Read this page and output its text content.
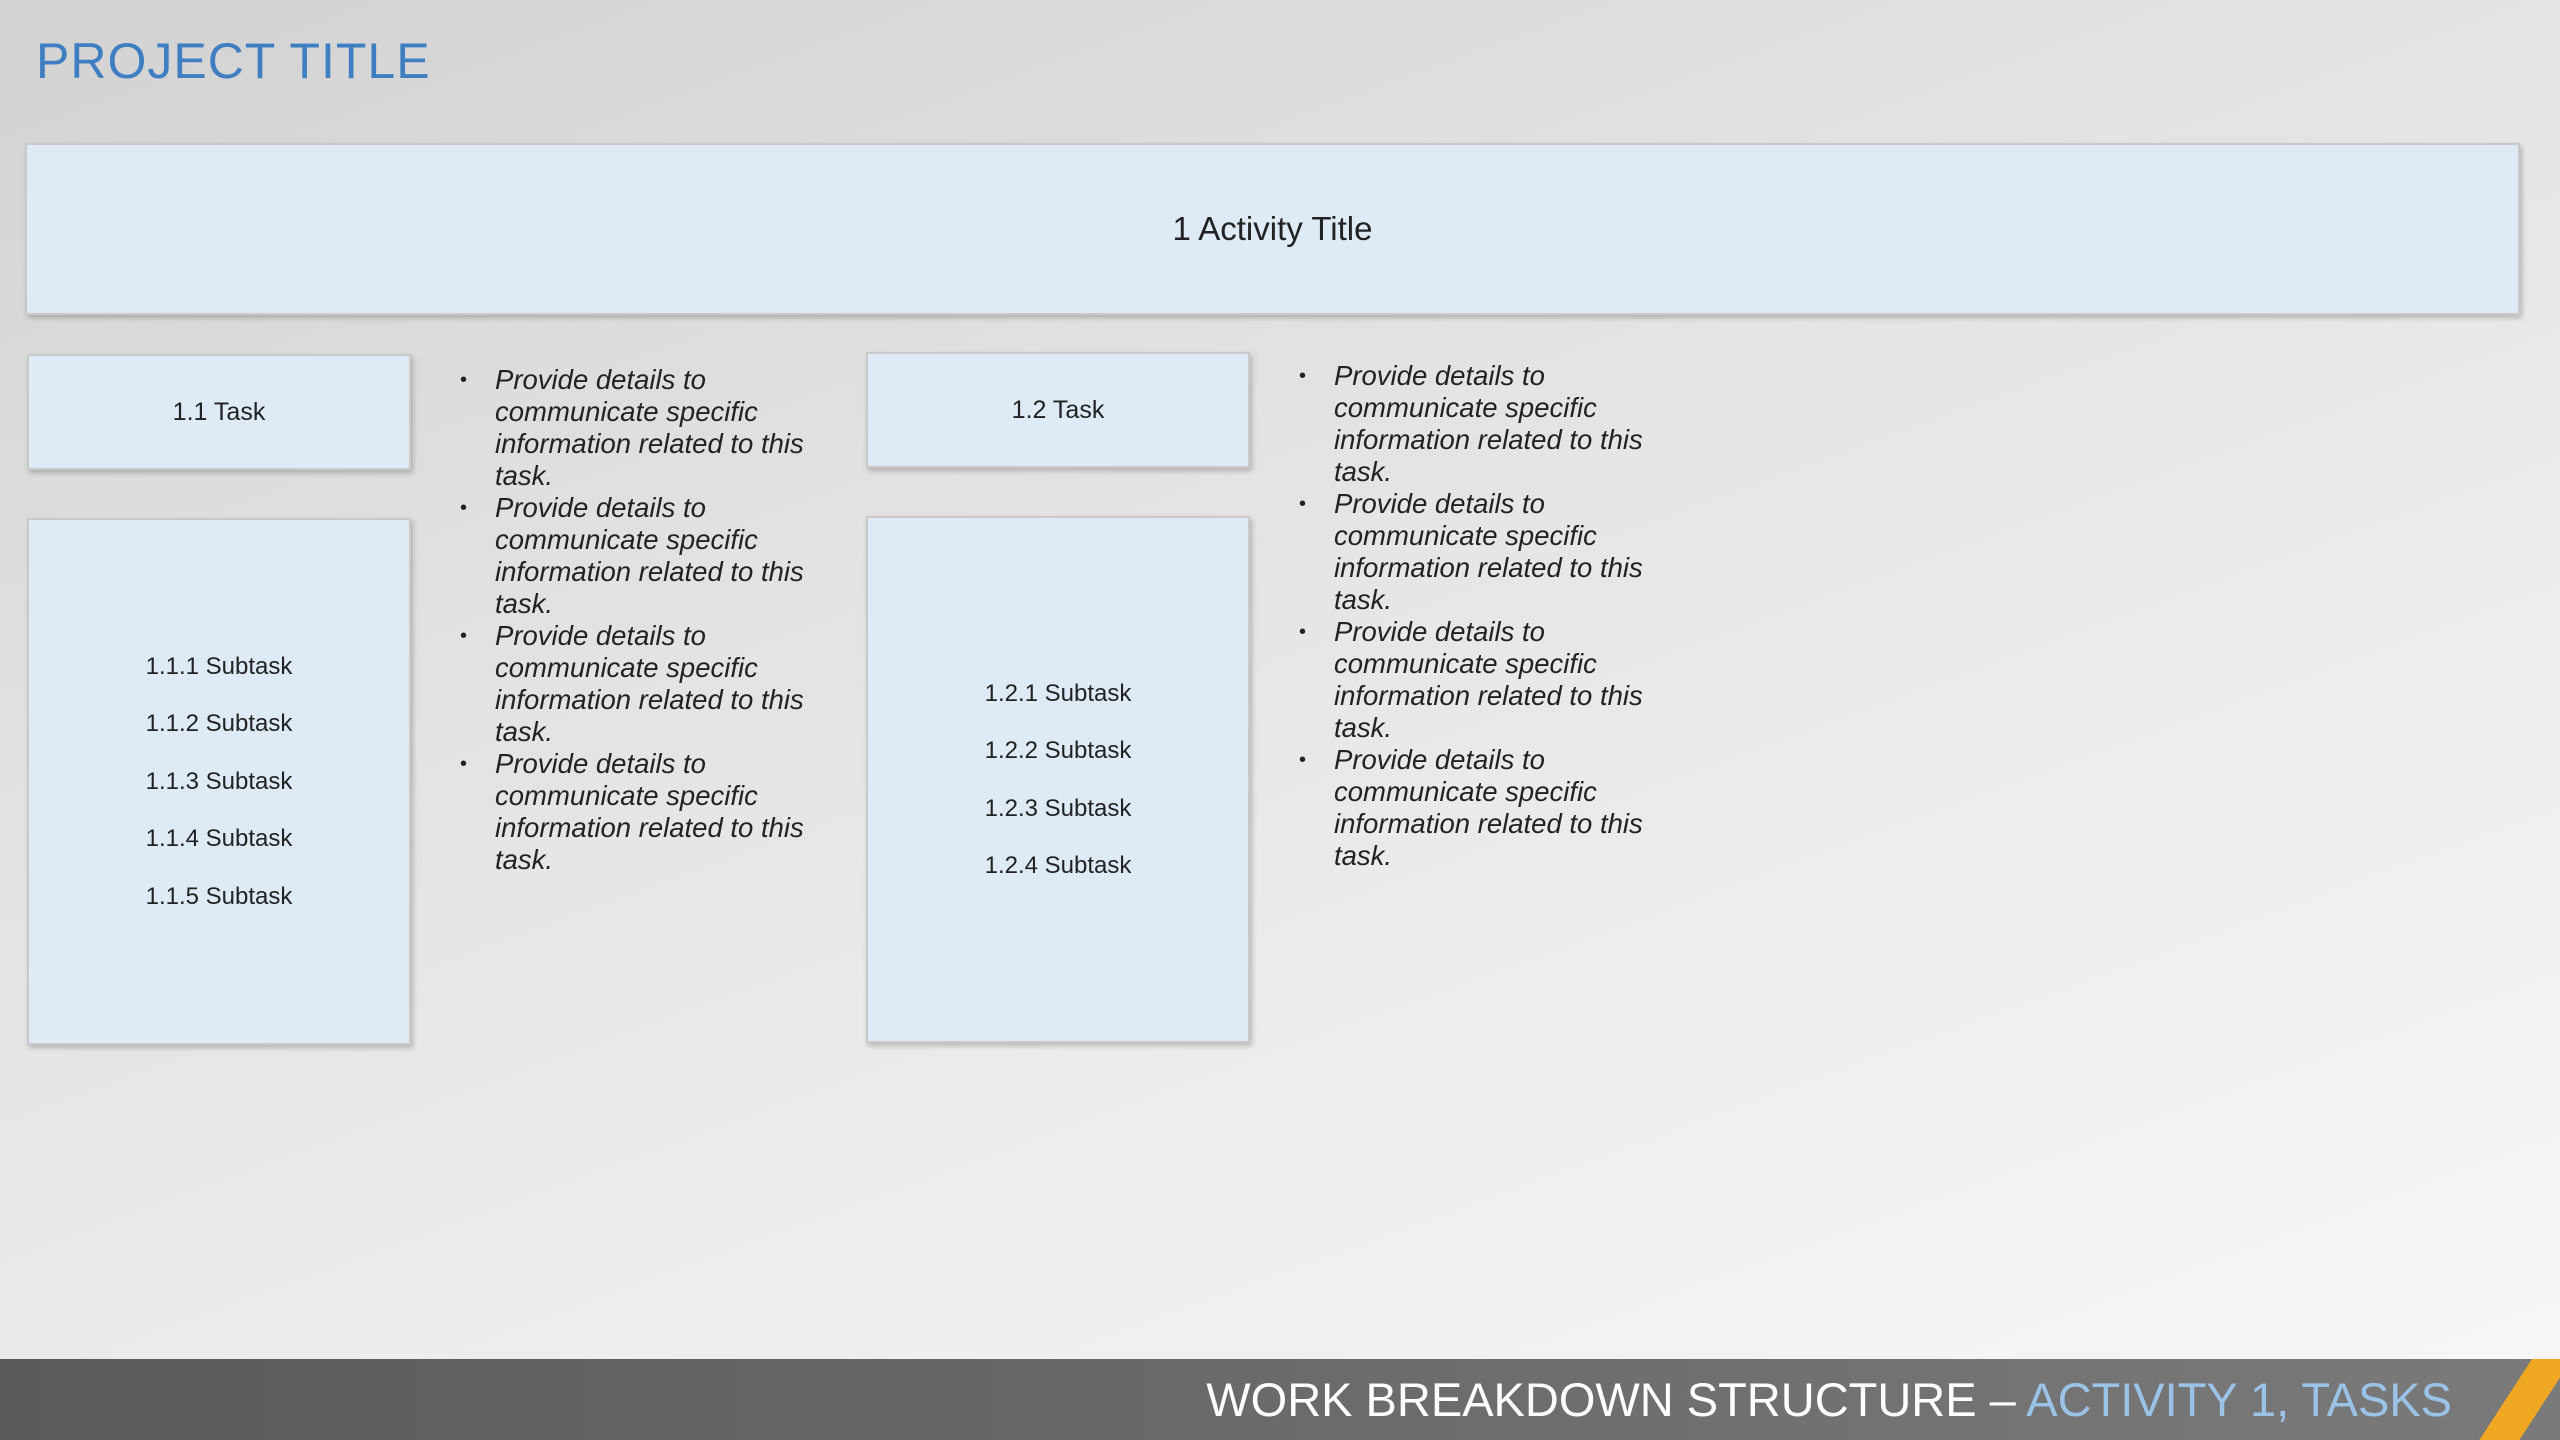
PROJECT TITLE
1 Activity Title
1.1 Task
1.1.1 Subtask
1.1.2 Subtask
1.1.3 Subtask
1.1.4 Subtask
1.1.5 Subtask
• Provide details to communicate specific information related to this task.
• Provide details to communicate specific information related to this task.
• Provide details to communicate specific information related to this task.
• Provide details to communicate specific information related to this task.
1.2 Task
1.2.1 Subtask
1.2.2 Subtask
1.2.3 Subtask
1.2.4 Subtask
• Provide details to communicate specific information related to this task.
• Provide details to communicate specific information related to this task.
• Provide details to communicate specific information related to this task.
• Provide details to communicate specific information related to this task.
WORK BREAKDOWN STRUCTURE – ACTIVITY 1, TASKS
